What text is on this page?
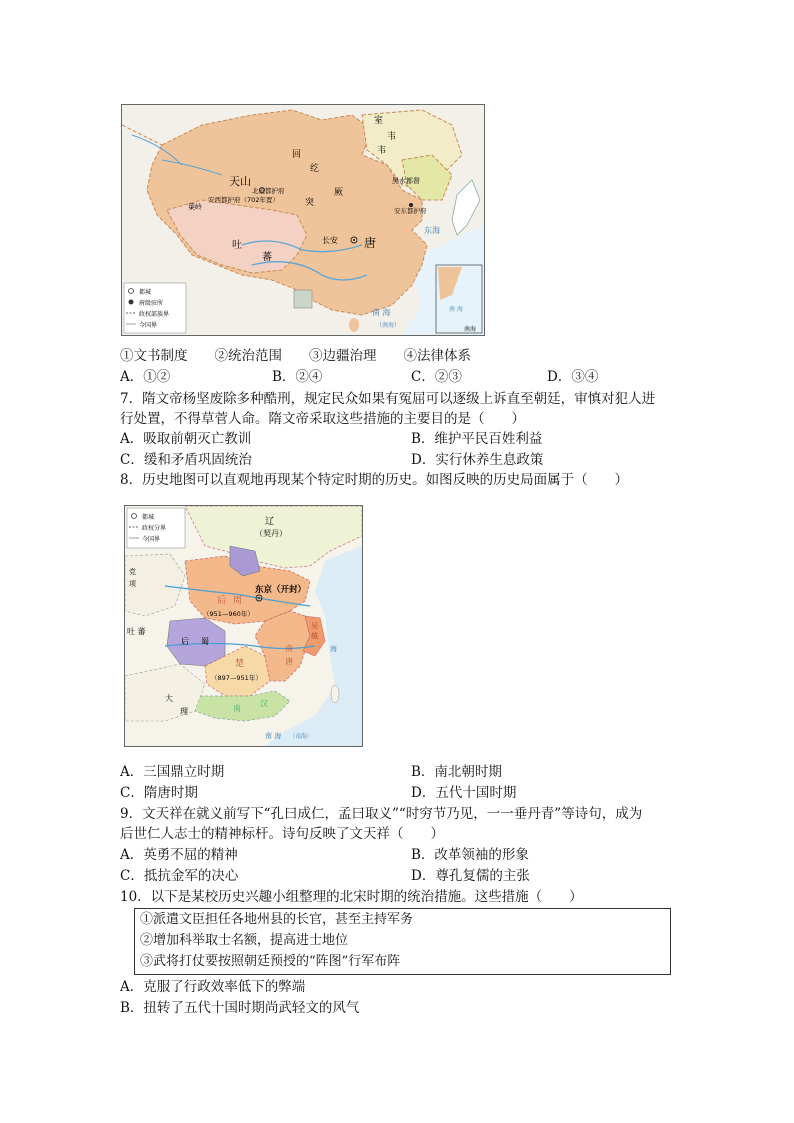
室
韦
韦
回
纥
天山
北庭都护府
安西都护府（702年置）
葉岭	突
厥
黑水都督
安东都护府
吐
蕃
长安 唐
东海
南 海
（南海）
南 海
南海
都城
府级驻所
政权部族界
今国界
①文书制度　　②统治范围　　③边疆治理　　④法律体系
A．①②	B．②④	C．②③	D．③④
7．隋文帝杨坚废除多种酷刑，规定民众如果有冤屈可以逐级上诉直至朝廷，审慎对犯人进
行处置，不得草菅人命。隋文帝采取这些措施的主要目的是（　　）
A．吸取前朝灭亡教训	B．维护平民百姓利益
C．缓和矛盾巩固统治	D．实行休养生息政策
8．历史地图可以直观地再现某个特定时期的历史。如图反映的历史局面属于（　　）
都城
政权分界
今国界
辽
（契丹）
党
项
东京（开封）
后 周
（951—960年）
吐 蕃
后 蜀
楚
（897—951年）
南
唐
吴
越
大
理	南
汉
海
南 海 （南海）
A．三国鼎立时期	B．南北朝时期
C．隋唐时期	D．五代十国时期
9．文天祥在就义前写下“孔曰成仁，孟曰取义”“时穷节乃见，一一垂丹青”等诗句，成为
后世仁人志士的精神标杆。诗句反映了文天祥（　　）
A．英勇不屈的精神	B．改革领袖的形象
C．抵抗金军的决心	D．尊孔复儒的主张
10．以下是某校历史兴趣小组整理的北宋时期的统治措施。这些措施（　　）
①派遣文臣担任各地州县的长官，甚至主持军务
②增加科举取士名额，提高进士地位
③武将打仗要按照朝廷预授的“阵图”行军布阵
A．克服了行政效率低下的弊端
B．扭转了五代十国时期尚武轻文的风气
